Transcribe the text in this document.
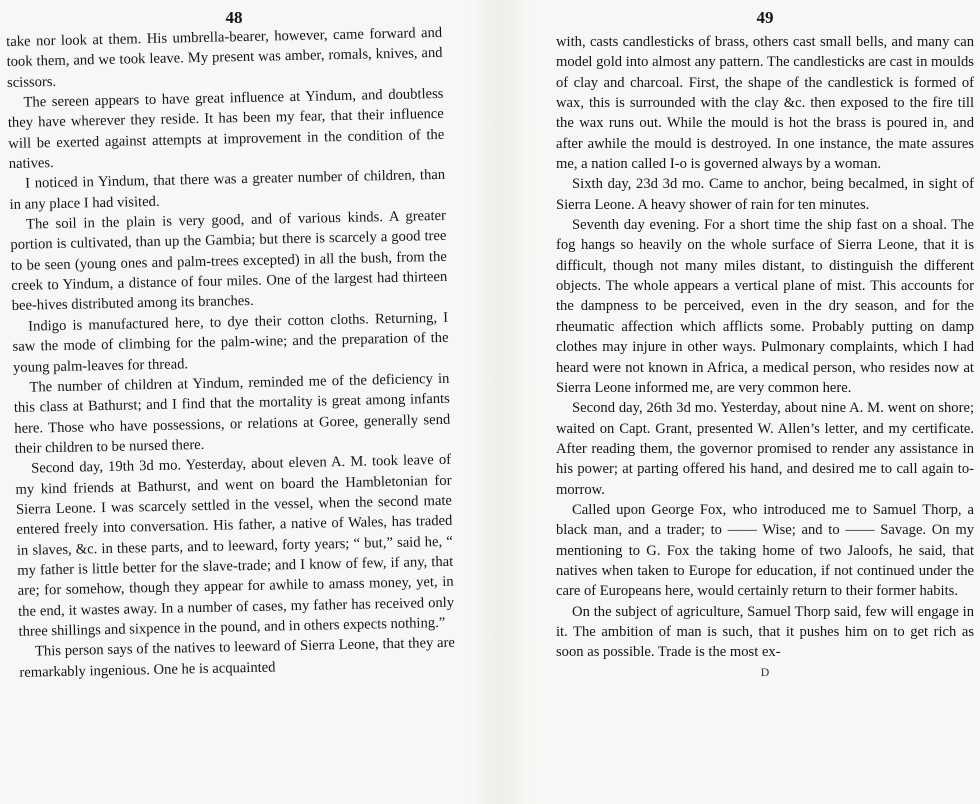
48

take nor look at them. His umbrella-bearer, however, came forward and took them, and we took leave. My present was amber, romals, knives, and scissors.

The sereen appears to have great influence at Yindum, and doubtless they have wherever they reside. It has been my fear, that their influence will be exerted against attempts at improvement in the condition of the natives.

I noticed in Yindum, that there was a greater number of children, than in any place I had visited.

The soil in the plain is very good, and of various kinds. A greater portion is cultivated, than up the Gambia; but there is scarcely a good tree to be seen (young ones and palm-trees excepted) in all the bush, from the creek to Yindum, a distance of four miles. One of the largest had thirteen bee-hives distributed among its branches.

Indigo is manufactured here, to dye their cotton cloths. Returning, I saw the mode of climbing for the palm-wine; and the preparation of the young palm-leaves for thread.

The number of children at Yindum, reminded me of the deficiency in this class at Bathurst; and I find that the mortality is great among infants here. Those who have possessions, or relations at Goree, generally send their children to be nursed there.

Second day, 19th 3d mo. Yesterday, about eleven A. M. took leave of my kind friends at Bathurst, and went on board the Hambletonian for Sierra Leone. I was scarcely settled in the vessel, when the second mate entered freely into conversation. His father, a native of Wales, has traded in slaves, &c. in these parts, and to leeward, forty years; “ but,” said he, “ my father is little better for the slave-trade; and I know of few, if any, that are; for somehow, though they appear for awhile to amass money, yet, in the end, it wastes away. In a number of cases, my father has received only three shillings and sixpence in the pound, and in others expects nothing.”

This person says of the natives to leeward of Sierra Leone, that they are remarkably ingenious. One he is acquainted

49

with, casts candlesticks of brass, others cast small bells, and many can model gold into almost any pattern. The candlesticks are cast in moulds of clay and charcoal. First, the shape of the candlestick is formed of wax, this is surrounded with the clay &c. then exposed to the fire till the wax runs out. While the mould is hot the brass is poured in, and after awhile the mould is destroyed. In one instance, the mate assures me, a nation called I-o is governed always by a woman.

Sixth day, 23d 3d mo. Came to anchor, being becalmed, in sight of Sierra Leone. A heavy shower of rain for ten minutes.

Seventh day evening. For a short time the ship fast on a shoal. The fog hangs so heavily on the whole surface of Sierra Leone, that it is difficult, though not many miles distant, to distinguish the different objects. The whole appears a vertical plane of mist. This accounts for the dampness to be perceived, even in the dry season, and for the rheumatic affection which afflicts some. Probably putting on damp clothes may injure in other ways. Pulmonary complaints, which I had heard were not known in Africa, a medical person, who resides now at Sierra Leone informed me, are very common here.

Second day, 26th 3d mo. Yesterday, about nine A. M. went on shore; waited on Capt. Grant, presented W. Allen’s letter, and my certificate. After reading them, the governor promised to render any assistance in his power; at parting offered his hand, and desired me to call again to-morrow.

Called upon George Fox, who introduced me to Samuel Thorp, a black man, and a trader; to —— Wise; and to —— Savage. On my mentioning to G. Fox the taking home of two Jaloofs, he said, that natives when taken to Europe for education, if not continued under the care of Europeans here, would certainly return to their former habits.

On the subject of agriculture, Samuel Thorp said, few will engage in it. The ambition of man is such, that it pushes him on to get rich as soon as possible. Trade is the most ex-

D
